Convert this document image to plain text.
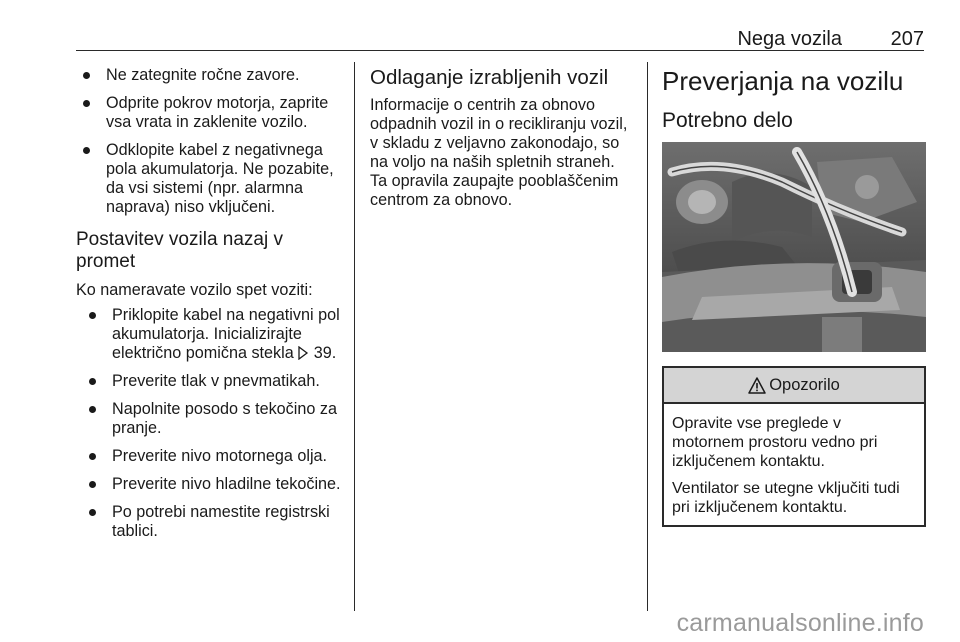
Nega vozila 207
Ne zategnite ročne zavore.
Odprite pokrov motorja, zaprite vsa vrata in zaklenite vozilo.
Odklopite kabel z negativnega pola akumulatorja. Ne pozabite, da vsi sistemi (npr. alarmna naprava) niso vključeni.
Postavitev vozila nazaj v promet

Ko nameravate vozilo spet voziti:

Priklopite kabel na negativni pol akumulatorja. Inicializirajte električno pomična stekla 39.
Preverite tlak v pnevmatikah.
Napolnite posodo s tekočino za pranje.
Preverite nivo motornega olja.
Preverite nivo hladilne tekočine.
Po potrebi namestite registrski tablici.
Odlaganje izrabljenih vozil

Informacije o centrih za obnovo odpadnih vozil in o recikliranju vozil, v skladu z veljavno zakonodajo, so na voljo na naših spletnih straneh. Ta opravila zaupajte pooblaščenim centrom za obnovo.

Preverjanja na vozilu
Potrebno delo
Opozorilo

Opravite vse preglede v motornem prostoru vedno pri izključenem kontaktu.

Ventilator se utegne vključiti tudi pri izključenem kontaktu.

carmanualsonline.info
